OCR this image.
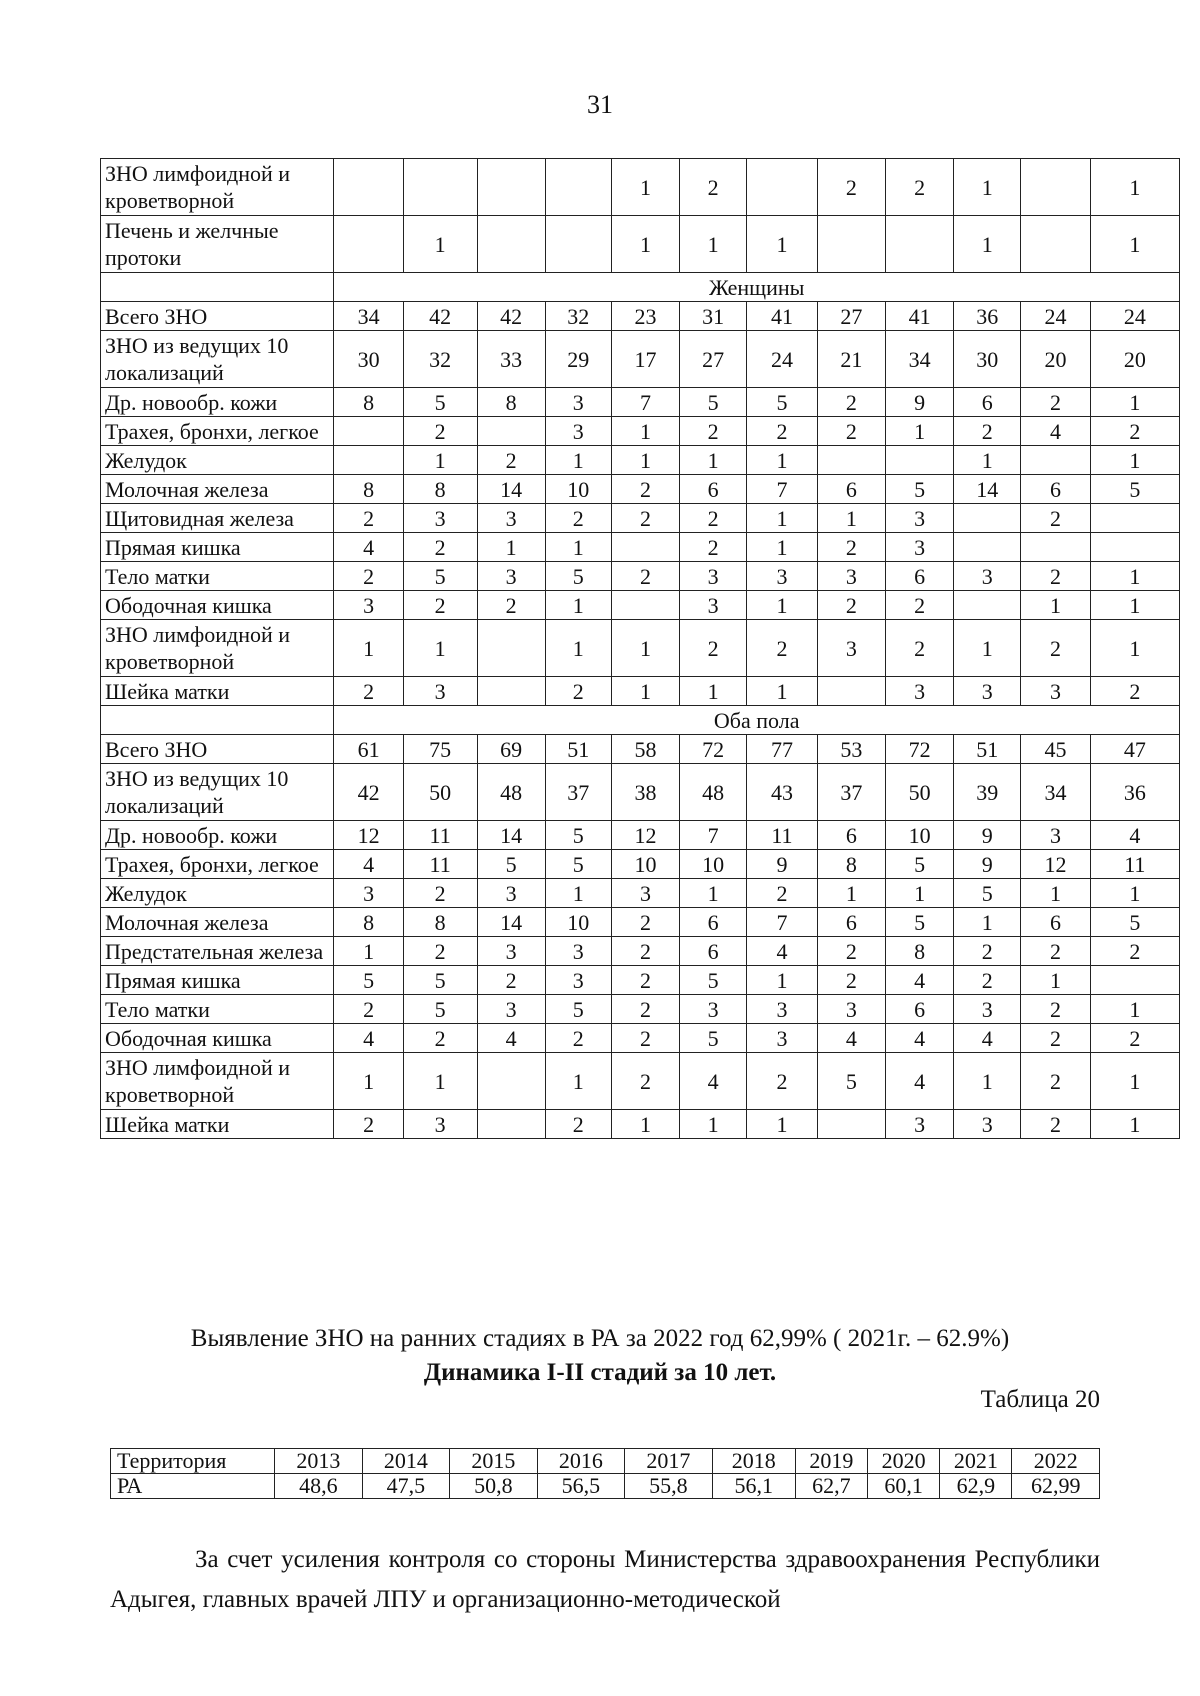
31
ЗНО лимфоидной и кроветворной					1	2		2	2	1		1
Печень и желчные протоки		1			1	1	1			1		1
	Женщины											
Всего ЗНО	34	42	42	32	23	31	41	27	41	36	24	24
ЗНО из ведущих 10 локализаций	30	32	33	29	17	27	24	21	34	30	20	20
Др. новообр. кожи	8	5	8	3	7	5	5	2	9	6	2	1
Трахея, бронхи, легкое		2		3	1	2	2	2	1	2	4	2
Желудок		1	2	1	1	1	1			1		1
Молочная железа	8	8	14	10	2	6	7	6	5	14	6	5
Щитовидная железа	2	3	3	2	2	2	1	1	3		2	
Прямая кишка	4	2	1	1		2	1	2	3			
Тело матки	2	5	3	5	2	3	3	3	6	3	2	1
Ободочная кишка	3	2	2	1		3	1	2	2		1	1
ЗНО лимфоидной и кроветворной	1	1		1	1	2	2	3	2	1	2	1
Шейка матки	2	3		2	1	1	1		3	3	3	2
	Оба пола											
Всего ЗНО	61	75	69	51	58	72	77	53	72	51	45	47
ЗНО из ведущих 10 локализаций	42	50	48	37	38	48	43	37	50	39	34	36
Др. новообр. кожи	12	11	14	5	12	7	11	6	10	9	3	4
Трахея, бронхи, легкое	4	11	5	5	10	10	9	8	5	9	12	11
Желудок	3	2	3	1	3	1	2	1	1	5	1	1
Молочная железа	8	8	14	10	2	6	7	6	5	1	6	5
Предстательная железа	1	2	3	3	2	6	4	2	8	2	2	2
Прямая кишка	5	5	2	3	2	5	1	2	4	2	1	
Тело матки	2	5	3	5	2	3	3	3	6	3	2	1
Ободочная кишка	4	2	4	2	2	5	3	4	4	4	2	2
ЗНО лимфоидной и кроветворной	1	1		1	2	4	2	5	4	1	2	1
Шейка матки	2	3		2	1	1	1		3	3	2	1
Выявление ЗНО на ранних стадиях в РА за 2022 год 62,99% ( 2021г. – 62.9%)
Динамика I-II стадий за 10 лет.
Таблица 20
Территория	2013	2014	2015	2016	2017	2018	2019	2020	2021	2022
РА	48,6	47,5	50,8	56,5	55,8	56,1	62,7	60,1	62,9	62,99
За счет усиления контроля со стороны Министерства здравоохранения Республики Адыгея, главных врачей ЛПУ и организационно-методической
